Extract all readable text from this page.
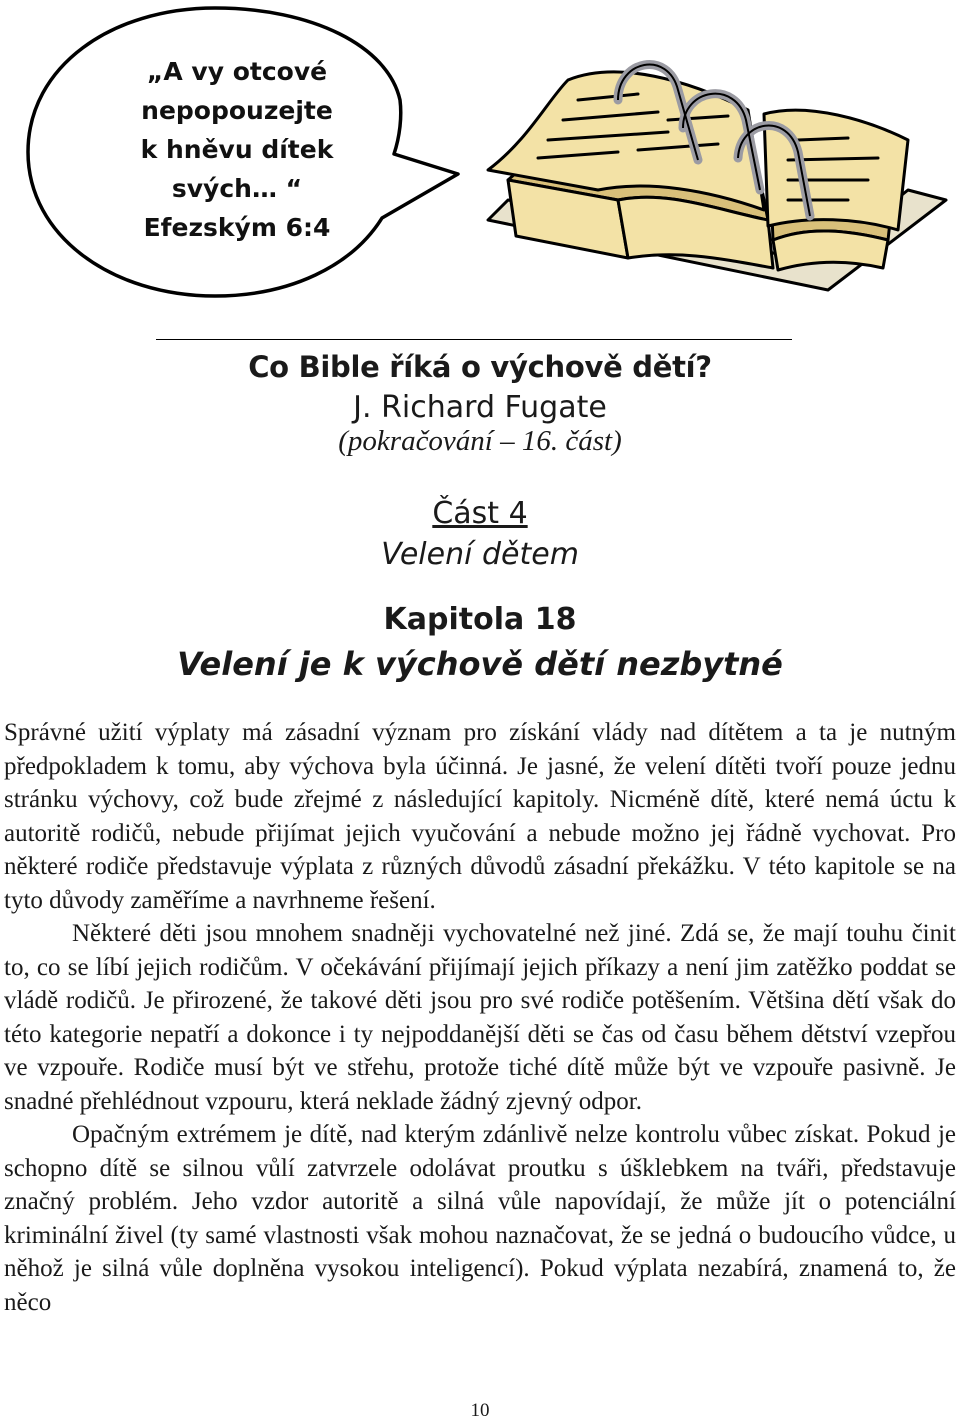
„A vy otcové
nepopouzejte
k hněvu dítek
svých… “
Efezským 6:4
Co Bible říká o výchově dětí?
J. Richard Fugate
(pokračování – 16. část)
Část 4
Velení dětem
Kapitola 18
Velení je k výchově dětí nezbytné

Správné užití výplaty má zásadní význam pro získání vlády nad dítětem a ta je nutným předpokladem k tomu, aby výchova byla účinná. Je jasné, že velení dítěti tvoří pouze jednu stránku výchovy, což bude zřejmé z následující kapitoly. Nicméně dítě, které nemá úctu k autoritě rodičů, nebude přijímat jejich vyučování a nebude možno jej řádně vychovat. Pro některé rodiče představuje výplata z různých důvodů zásadní překážku. V této kapitole se na tyto důvody zaměříme a navrhneme řešení.

Některé děti jsou mnohem snadněji vychovatelné než jiné. Zdá se, že mají touhu činit to, co se líbí jejich rodičům. V očekávání přijímají jejich příkazy a není jim zatěžko poddat se vládě rodičů. Je přirozené, že takové děti jsou pro své rodiče potěšením. Většina dětí však do této kategorie nepatří a dokonce i ty nejpoddanější děti se čas od času během dětství vzepřou ve vzpouře. Rodiče musí být ve střehu, protože tiché dítě může být ve vzpouře pasivně. Je snadné přehlédnout vzpouru, která neklade žádný zjevný odpor.

Opačným extrémem je dítě, nad kterým zdánlivě nelze kontrolu vůbec získat. Pokud je schopno dítě se silnou vůlí zatvrzele odolávat proutku s úšklebkem na tváři, představuje značný problém. Jeho vzdor autoritě a silná vůle napovídají, že může jít o potenciální kriminální živel (ty samé vlastnosti však mohou naznačovat, že se jedná o budoucího vůdce, u něhož je silná vůle doplněna vysokou inteligencí). Pokud výplata nezabírá, znamená to, že něco

10
